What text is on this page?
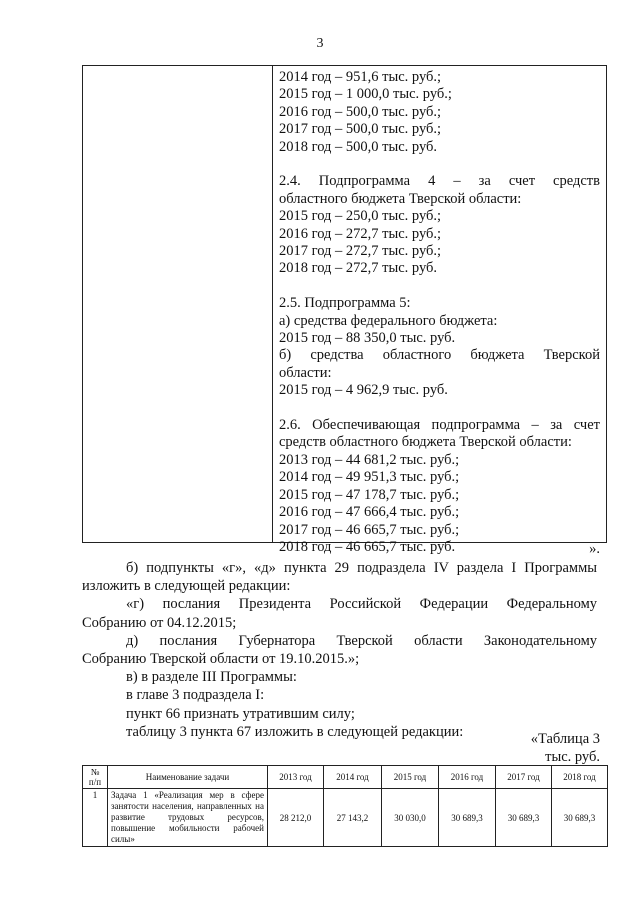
3
2014 год – 951,6 тыс. руб.;
2015 год – 1 000,0 тыс. руб.;
2016 год – 500,0 тыс. руб.;
2017 год – 500,0 тыс. руб.;
2018 год – 500,0 тыс. руб.
2.4. Подпрограмма 4 – за счет средств
областного бюджета Тверской области:
2015 год – 250,0 тыс. руб.;
2016 год – 272,7 тыс. руб.;
2017 год – 272,7 тыс. руб.;
2018 год – 272,7 тыс. руб.
2.5. Подпрограмма 5:
а) средства федерального бюджета:
2015 год – 88 350,0 тыс. руб.
б) средства областного бюджета Тверской
области:
2015 год – 4 962,9 тыс. руб.
2.6. Обеспечивающая подпрограмма – за счет
средств областного бюджета Тверской области:
2013 год – 44 681,2 тыс. руб.;
2014 год – 49 951,3 тыс. руб.;
2015 год – 47 178,7 тыс. руб.;
2016 год – 47 666,4 тыс. руб.;
2017 год – 46 665,7 тыс. руб.;
2018 год – 46 665,7 тыс. руб.	».

б) подпункты «г», «д» пункта 29 подраздела IV раздела I Программы

изложить в следующей редакции:

«г) послания Президента Российской Федерации Федеральному

Собранию от 04.12.2015;

д) послания Губернатора Тверской области Законодательному

Собранию Тверской области от 19.10.2015.»;

в) в разделе III Программы:

в главе 3 подраздела I:

пункт 66 признать утратившим силу;

таблицу 3 пункта 67 изложить в следующей редакции:	«Таблица 3
тыс. руб.
№ п/п	Наименование задачи	2013 год	2014 год	2015 год	2016 год	2017 год	2018 год
1	Задача 1 «Реализация мер в сфере занятости населения, направленных на развитие трудовых ресурсов, повышение мобильности рабочей силы»	28 212,0	27 143,2	30 030,0	30 689,3	30 689,3	30 689,3
